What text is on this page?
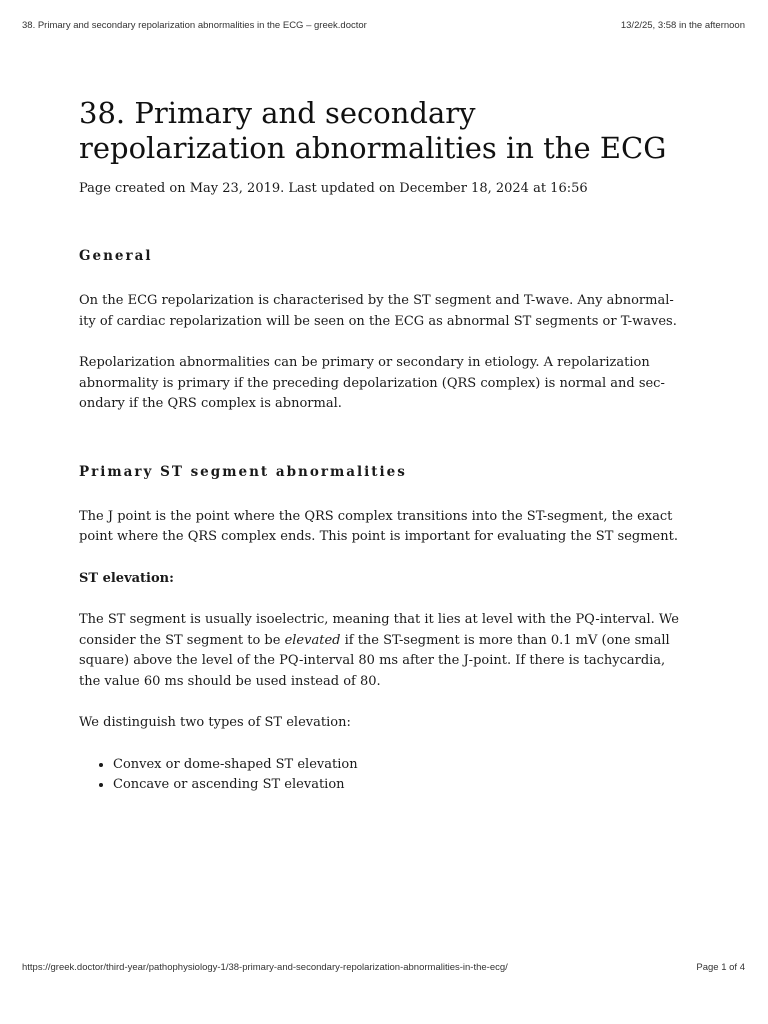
38. Primary and secondary repolarization abnormalities in the ECG – greek.doctor	13/2/25, 3:58 in the afternoon
38. Primary and secondary
repolarization abnormalities in the ECG
Page created on May 23, 2019. Last updated on December 18, 2024 at 16:56
General

On the ECG repolarization is characterised by the ST segment and T-wave. Any abnormal-
ity of cardiac repolarization will be seen on the ECG as abnormal ST segments or T-waves.

Repolarization abnormalities can be primary or secondary in etiology. A repolarization
abnormality is primary if the preceding depolarization (QRS complex) is normal and sec-
ondary if the QRS complex is abnormal.

Primary ST segment abnormalities

The J point is the point where the QRS complex transitions into the ST-segment, the exact
point where the QRS complex ends. This point is important for evaluating the ST segment.

ST elevation:

The ST segment is usually isoelectric, meaning that it lies at level with the PQ-interval. We
consider the ST segment to be elevated if the ST-segment is more than 0.1 mV (one small
square) above the level of the PQ-interval 80 ms after the J-point. If there is tachycardia,
the value 60 ms should be used instead of 80.

We distinguish two types of ST elevation:

• Convex or dome-shaped ST elevation
• Concave or ascending ST elevation
https://greek.doctor/third-year/pathophysiology-1/38-primary-and-secondary-repolarization-abnormalities-in-the-ecg/	Page 1 of 4
